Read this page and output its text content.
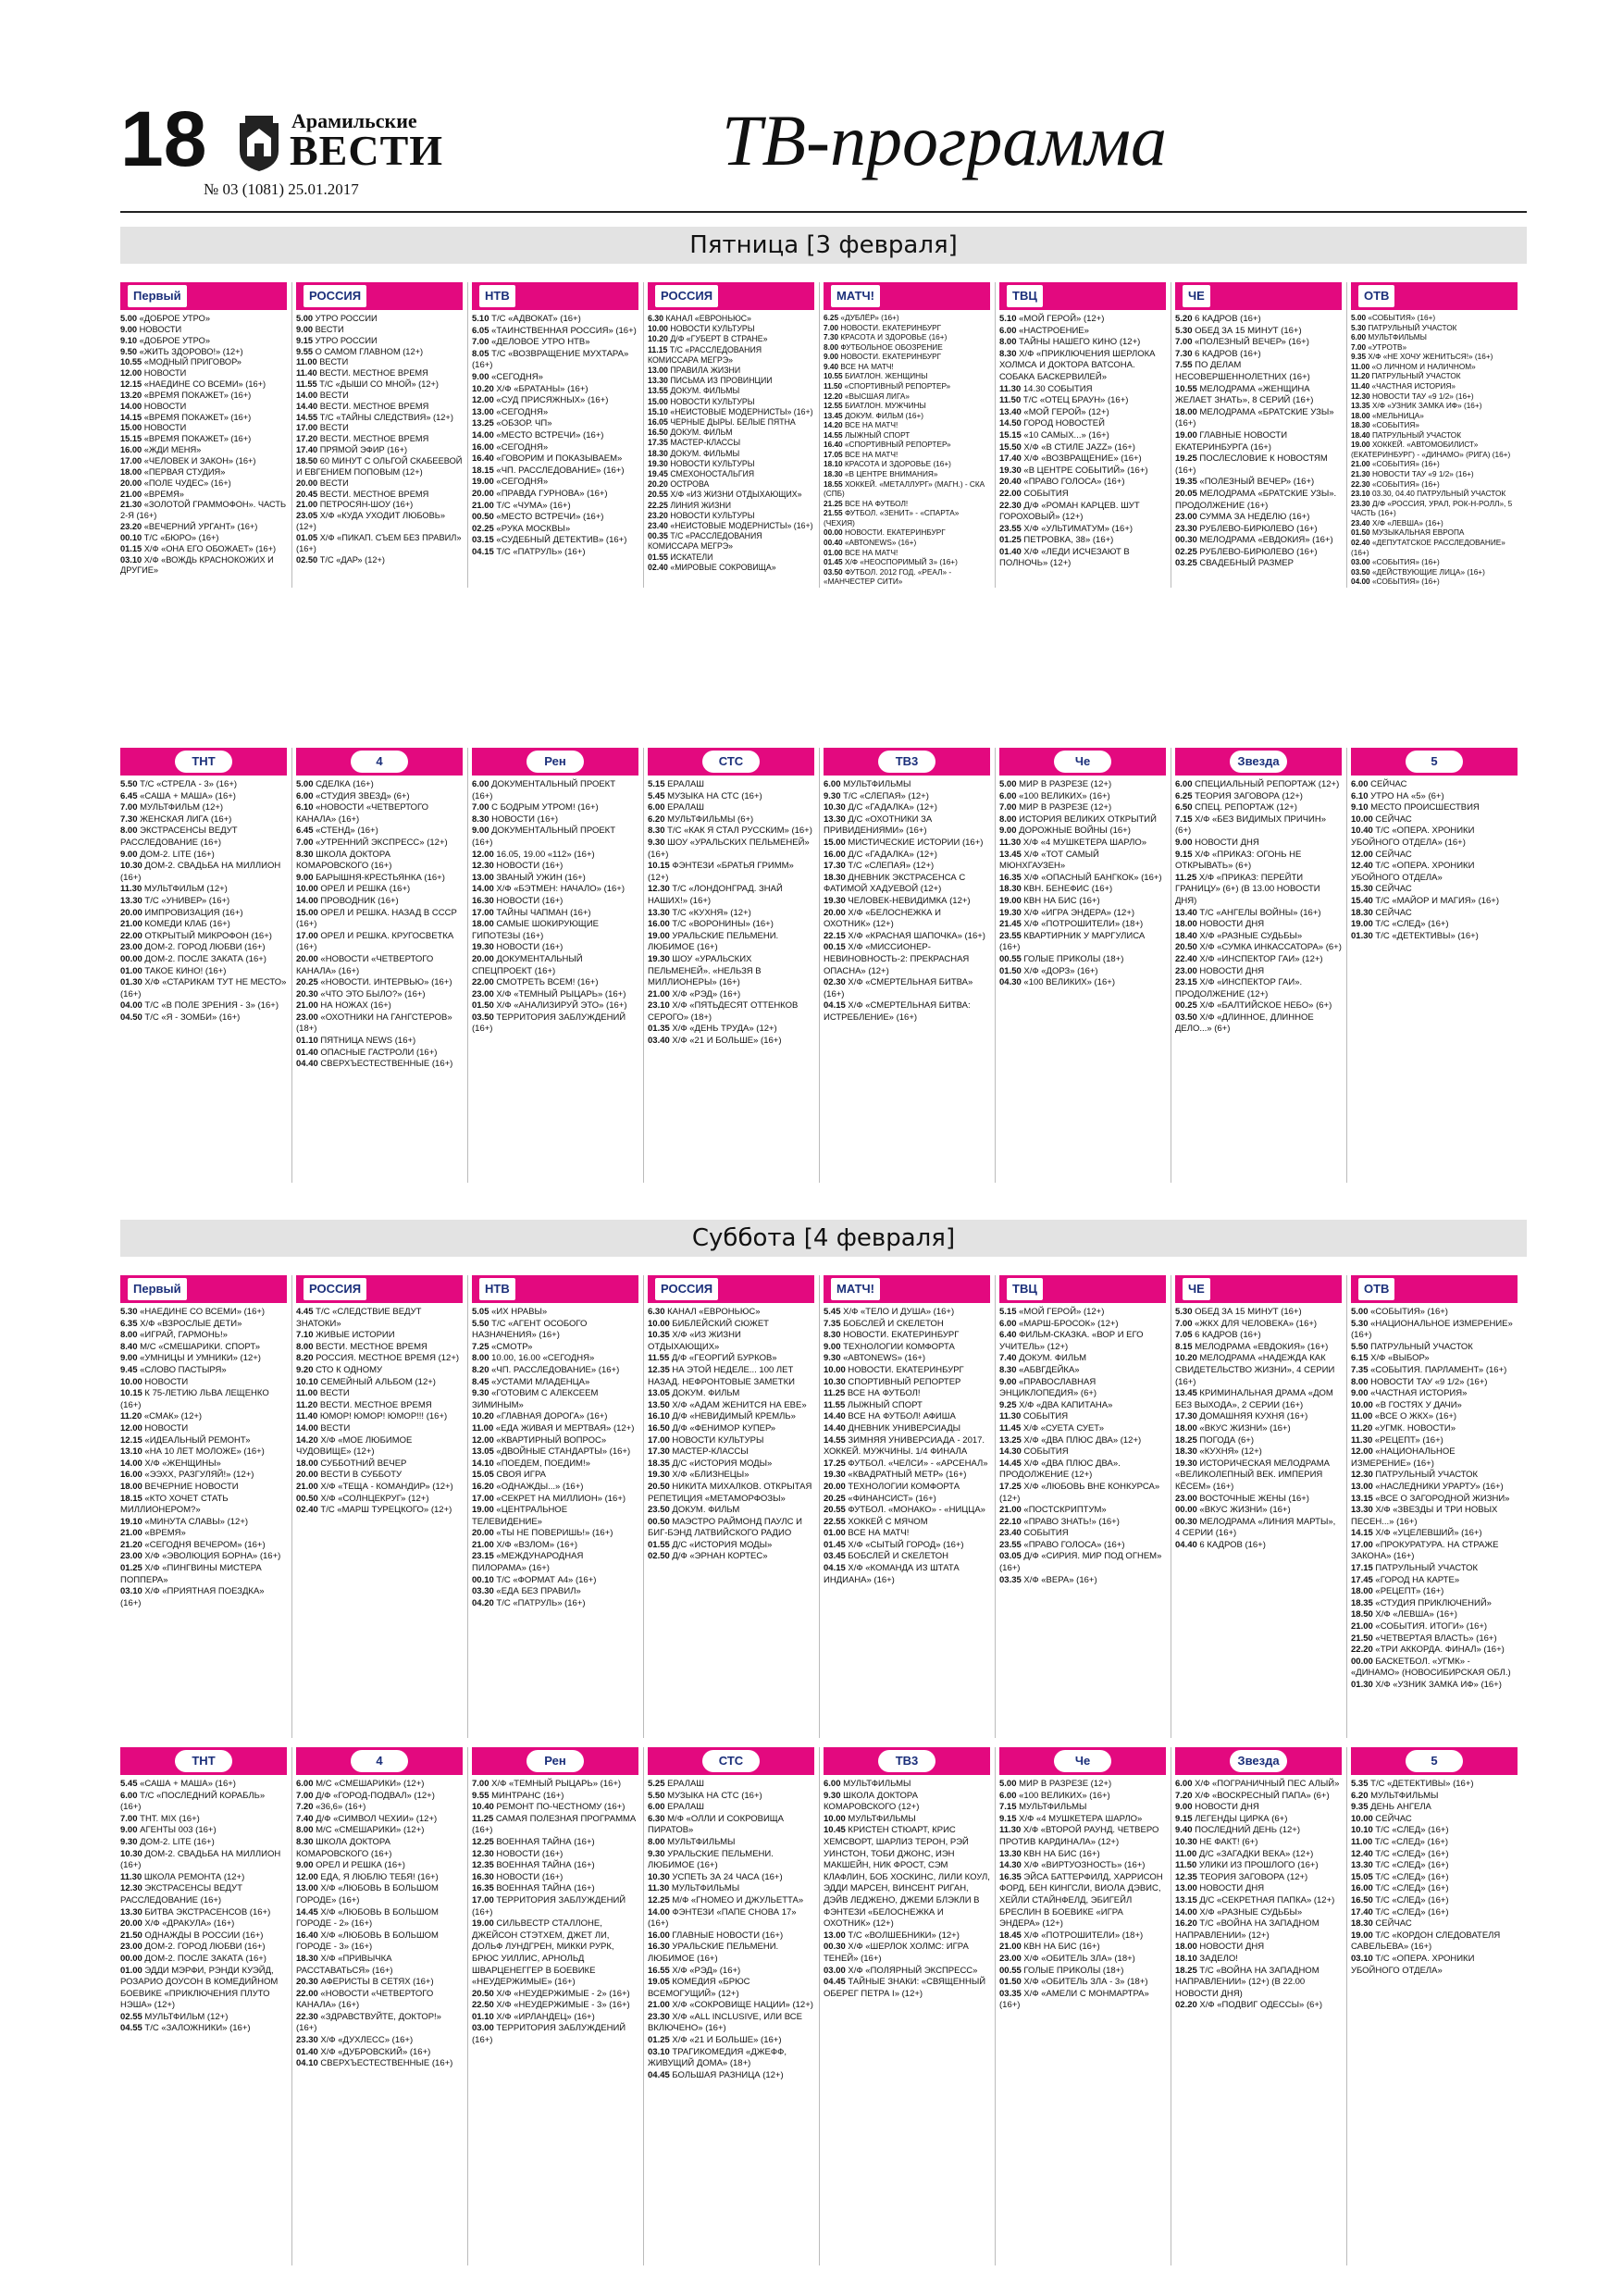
18	Арамильские
ВЕСТИ
№ 03 (1081) 25.01.2017
ТВ-программа
Пятница [3 февраля]
Первый
5.00 «ДОБРОЕ УТРО»
9.00 НОВОСТИ
9.10 «ДОБРОЕ УТРО»
9.50 «ЖИТЬ ЗДОРОВО!» (12+)
10.55 «МОДНЫЙ ПРИГОВОР»
12.00 НОВОСТИ
12.15 «НАЕДИНЕ СО ВСЕМИ» (16+)
13.20 «ВРЕМЯ ПОКАЖЕТ» (16+)
14.00 НОВОСТИ
14.15 «ВРЕМЯ ПОКАЖЕТ» (16+)
15.00 НОВОСТИ
15.15 «ВРЕМЯ ПОКАЖЕТ» (16+)
16.00 «ЖДИ МЕНЯ»
17.00 «ЧЕЛОВЕК И ЗАКОН» (16+)
18.00 «ПЕРВАЯ СТУДИЯ»
20.00 «ПОЛЕ ЧУДЕС» (16+)
21.00 «ВРЕМЯ»
21.30 «ЗОЛОТОЙ ГРАММОФОН». ЧАСТЬ 2-Я (16+)
23.20 «ВЕЧЕРНИЙ УРГАНТ» (16+)
00.10 Т/С «БЮРО» (16+)
01.15 Х/Ф «ОНА ЕГО ОБОЖАЕТ» (16+)
03.10 Х/Ф «ВОЖДЬ КРАСНОКОЖИХ И ДРУГИЕ»
РОССИЯ
5.00 УТРО РОССИИ
9.00 ВЕСТИ
9.15 УТРО РОССИИ
9.55 О САМОМ ГЛАВНОМ (12+)
11.00 ВЕСТИ
11.40 ВЕСТИ. МЕСТНОЕ ВРЕМЯ
11.55 Т/С «ДЫШИ СО МНОЙ» (12+)
14.00 ВЕСТИ
14.40 ВЕСТИ. МЕСТНОЕ ВРЕМЯ
14.55 Т/С «ТАЙНЫ СЛЕДСТВИЯ» (12+)
17.00 ВЕСТИ
17.20 ВЕСТИ. МЕСТНОЕ ВРЕМЯ
17.40 ПРЯМОЙ ЭФИР (16+)
18.50 60 МИНУТ С ОЛЬГОЙ СКАБЕЕВОЙ И ЕВГЕНИЕМ ПОПОВЫМ (12+)
20.00 ВЕСТИ
20.45 ВЕСТИ. МЕСТНОЕ ВРЕМЯ
21.00 ПЕТРОСЯН-ШОУ (16+)
23.05 Х/Ф «КУДА УХОДИТ ЛЮБОВЬ» (12+)
01.05 Х/Ф «ПИКАП. СЪЕМ БЕЗ ПРАВИЛ» (16+)
02.50 Т/С «ДАР» (12+)
НТВ
5.10 Т/С «АДВОКАТ» (16+)
6.05 «ТАИНСТВЕННАЯ РОССИЯ» (16+)
7.00 «ДЕЛОВОЕ УТРО НТВ»
8.05 Т/С «ВОЗВРАЩЕНИЕ МУХТАРА» (16+)
9.00 «СЕГОДНЯ»
10.20 Х/Ф «БРАТАНЫ» (16+)
12.00 «СУД ПРИСЯЖНЫХ» (16+)
13.00 «СЕГОДНЯ»
13.25 «ОБЗОР. ЧП»
14.00 «МЕСТО ВСТРЕЧИ» (16+)
16.00 «СЕГОДНЯ»
16.40 «ГОВОРИМ И ПОКАЗЫВАЕМ»
18.15 «ЧП. РАССЛЕДОВАНИЕ» (16+)
19.00 «СЕГОДНЯ»
20.00 «ПРАВДА ГУРНОВА» (16+)
21.00 Т/С «ЧУМА» (16+)
00.50 «МЕСТО ВСТРЕЧИ» (16+)
02.25 «РУКА МОСКВЫ»
03.15 «СУДЕБНЫЙ ДЕТЕКТИВ» (16+)
04.15 Т/С «ПАТРУЛЬ» (16+)
РОССИЯ
6.30 КАНАЛ «ЕВРОНЬЮС»
10.00 НОВОСТИ КУЛЬТУРЫ
10.20 Д/Ф «ГУБЕРТ В СТРАНЕ»
11.15 Т/С «РАССЛЕДОВАНИЯ КОМИССАРА МЕГРЭ»
13.00 ПРАВИЛА ЖИЗНИ
13.30 ПИСЬМА ИЗ ПРОВИНЦИИ
13.55 ДОКУМ. ФИЛЬМЫ
15.00 НОВОСТИ КУЛЬТУРЫ
15.10 «НЕИСТОВЫЕ МОДЕРНИСТЫ» (16+)
16.05 ЧЕРНЫЕ ДЫРЫ. БЕЛЫЕ ПЯТНА
16.50 ДОКУМ. ФИЛЬМ
17.35 МАСТЕР-КЛАССЫ
18.30 ДОКУМ. ФИЛЬМЫ
19.30 НОВОСТИ КУЛЬТУРЫ
19.45 СМЕХОНОСТАЛЬГИЯ
20.20 ОСТРОВА
20.55 Х/Ф «ИЗ ЖИЗНИ ОТДЫХАЮЩИХ»
22.25 ЛИНИЯ ЖИЗНИ
23.20 НОВОСТИ КУЛЬТУРЫ
23.40 «НЕИСТОВЫЕ МОДЕРНИСТЫ» (16+)
00.35 Т/С «РАССЛЕДОВАНИЯ КОМИССАРА МЕГРЭ»
01.55 ИСКАТЕЛИ
02.40 «МИРОВЫЕ СОКРОВИЩА»
МАТЧ!
6.25 «ДУБЛЁР» (16+)
7.00 НОВОСТИ. ЕКАТЕРИНБУРГ
7.30 КРАСОТА И ЗДОРОВЬЕ (16+)
8.00 ФУТБОЛЬНОЕ ОБОЗРЕНИЕ
9.00 НОВОСТИ. ЕКАТЕРИНБУРГ
9.40 ВСЕ НА МАТЧ!
10.55 БИАТЛОН. ЖЕНЩИНЫ
11.50 «СПОРТИВНЫЙ РЕПОРТЕР»
12.20 «ВЫСШАЯ ЛИГА»
12.55 БИАТЛОН. МУЖЧИНЫ
13.45 ДОКУМ. ФИЛЬМ (16+)
14.20 ВСЕ НА МАТЧ!
14.55 ЛЫЖНЫЙ СПОРТ
16.40 «СПОРТИВНЫЙ РЕПОРТЕР»
17.05 ВСЕ НА МАТЧ!
18.10 КРАСОТА И ЗДОРОВЬЕ (16+)
18.30 «В ЦЕНТРЕ ВНИМАНИЯ»
18.55 ХОККЕЙ. «МЕТАЛЛУРГ» (МАГН.) - СКА (СПБ)
21.25 ВСЕ НА ФУТБОЛ!
21.55 ФУТБОЛ. «ЗЕНИТ» - «СПАРТА» (ЧЕХИЯ)
00.00 НОВОСТИ. ЕКАТЕРИНБУРГ
00.40 «АВТОNEWS» (16+)
01.00 ВСЕ НА МАТЧ!
01.45 Х/Ф «НЕОСПОРИМЫЙ 3» (16+)
03.50 ФУТБОЛ. 2012 ГОД. «РЕАЛ» - «МАНЧЕСТЕР СИТИ»
ТВЦ
5.10 «МОЙ ГЕРОЙ» (12+)
6.00 «НАСТРОЕНИЕ»
8.00 ТАЙНЫ НАШЕГО КИНО (12+)
8.30 Х/Ф «ПРИКЛЮЧЕНИЯ ШЕРЛОКА ХОЛМСА И ДОКТОРА ВАТСОНА. СОБАКА БАСКЕРВИЛЕЙ»
11.30 14.30 СОБЫТИЯ
11.50 Т/С «ОТЕЦ БРАУН» (16+)
13.40 «МОЙ ГЕРОЙ» (12+)
14.50 ГОРОД НОВОСТЕЙ
15.15 «10 САМЫХ...» (16+)
15.50 Х/Ф «В СТИЛЕ JAZZ» (16+)
17.40 Х/Ф «ВОЗВРАЩЕНИЕ» (16+)
19.30 «В ЦЕНТРЕ СОБЫТИЙ» (16+)
20.40 «ПРАВО ГОЛОСА» (16+)
22.00 СОБЫТИЯ
22.30 Д/Ф «РОМАН КАРЦЕВ. ШУТ ГОРОХОВЫЙ» (12+)
23.55 Х/Ф «УЛЬТИМАТУМ» (16+)
01.25 ПЕТРОВКА, 38» (16+)
01.40 Х/Ф «ЛЕДИ ИСЧЕЗАЮТ В ПОЛНОЧЬ» (12+)
ЧЕ
5.20 6 КАДРОВ (16+)
5.30 ОБЕД ЗА 15 МИНУТ (16+)
7.00 «ПОЛЕЗНЫЙ ВЕЧЕР» (16+)
7.30 6 КАДРОВ (16+)
7.55 ПО ДЕЛАМ НЕСОВЕРШЕННОЛЕТНИХ (16+)
10.55 МЕЛОДРАМА «ЖЕНЩИНА ЖЕЛАЕТ ЗНАТЬ», 8 СЕРИЙ (16+)
18.00 МЕЛОДРАМА «БРАТСКИЕ УЗЫ» (16+)
19.00 ГЛАВНЫЕ НОВОСТИ ЕКАТЕРИНБУРГА (16+)
19.25 ПОСЛЕСЛОВИЕ К НОВОСТЯМ (16+)
19.35 «ПОЛЕЗНЫЙ ВЕЧЕР» (16+)
20.05 МЕЛОДРАМА «БРАТСКИЕ УЗЫ». ПРОДОЛЖЕНИЕ (16+)
23.00 СУММА ЗА НЕДЕЛЮ (16+)
23.30 РУБЛЕВО-БИРЮЛЕВО (16+)
00.30 МЕЛОДРАМА «ЕВДОКИЯ» (16+)
02.25 РУБЛЕВО-БИРЮЛЕВО (16+)
03.25 СВАДЕБНЫЙ РАЗМЕР
ОТВ
5.00 «СОБЫТИЯ» (16+)
5.30 ПАТРУЛЬНЫЙ УЧАСТОК
6.00 МУЛЬТФИЛЬМЫ
7.00 «УТРОТВ»
9.35 Х/Ф «НЕ ХОЧУ ЖЕНИТЬСЯ!» (16+)
11.00 «О ЛИЧНОМ И НАЛИЧНОМ»
11.20 ПАТРУЛЬНЫЙ УЧАСТОК
11.40 «ЧАСТНАЯ ИСТОРИЯ»
12.30 НОВОСТИ ТАУ «9 1/2» (16+)
13.35 Х/Ф «УЗНИК ЗАМКА ИФ» (16+)
18.00 «МЕЛЬНИЦА»
18.30 «СОБЫТИЯ»
18.40 ПАТРУЛЬНЫЙ УЧАСТОК
19.00 ХОККЕЙ. «АВТОМОБИЛИСТ» (ЕКАТЕРИНБУРГ) - «ДИНАМО» (РИГА) (16+)
21.00 «СОБЫТИЯ» (16+)
21.30 НОВОСТИ ТАУ «9 1/2» (16+)
22.30 «СОБЫТИЯ» (16+)
23.10 03.30, 04.40 ПАТРУЛЬНЫЙ УЧАСТОК
23.30 Д/Ф «РОССИЯ, УРАЛ, РОК-Н-РОЛЛ», 5 ЧАСТЬ (16+)
23.40 Х/Ф «ЛЕВША» (16+)
01.50 МУЗЫКАЛЬНАЯ ЕВРОПА
02.40 «ДЕПУТАТСКОЕ РАССЛЕДОВАНИЕ» (16+)
03.00 «СОБЫТИЯ» (16+)
03.50 «ДЕЙСТВУЮЩИЕ ЛИЦА» (16+)
04.00 «СОБЫТИЯ» (16+)
ТНТ
5.50 Т/С «СТРЕЛА - 3» (16+)
6.45 «САША + МАША» (16+)
7.00 МУЛЬТФИЛЬМ (12+)
7.30 ЖЕНСКАЯ ЛИГА (16+)
8.00 ЭКСТРАСЕНСЫ ВЕДУТ РАССЛЕДОВАНИЕ (16+)
9.00 ДОМ-2. LITE (16+)
10.30 ДОМ-2. СВАДЬБА НА МИЛЛИОН (16+)
11.30 МУЛЬТФИЛЬМ (12+)
13.30 Т/С «УНИВЕР» (16+)
20.00 ИМПРОВИЗАЦИЯ (16+)
21.00 КОМЕДИ КЛАБ (16+)
22.00 ОТКРЫТЫЙ МИКРОФОН (16+)
23.00 ДОМ-2. ГОРОД ЛЮБВИ (16+)
00.00 ДОМ-2. ПОСЛЕ ЗАКАТА (16+)
01.00 ТАКОЕ КИНО! (16+)
01.30 Х/Ф «СТАРИКАМ ТУТ НЕ МЕСТО» (16+)
04.00 Т/С «В ПОЛЕ ЗРЕНИЯ - 3» (16+)
04.50 Т/С «Я - ЗОМБИ» (16+)
4
5.00 СДЕЛКА (16+)
6.00 «СТУДИЯ ЗВЕЗД» (6+)
6.10 «НОВОСТИ «ЧЕТВЕРТОГО КАНАЛА» (16+)
6.45 «СТЕНД» (16+)
7.00 «УТРЕННИЙ ЭКСПРЕСС» (12+)
8.30 ШКОЛА ДОКТОРА КОМАРОВСКОГО (16+)
9.00 БАРЫШНЯ-КРЕСТЬЯНКА (16+)
10.00 ОРЕЛ И РЕШКА (16+)
14.00 ПРОВОДНИК (16+)
15.00 ОРЕЛ И РЕШКА. НАЗАД В СССР (16+)
17.00 ОРЕЛ И РЕШКА. КРУГОСВЕТКА (16+)
20.00 «НОВОСТИ «ЧЕТВЕРТОГО КАНАЛА» (16+)
20.25 «НОВОСТИ. ИНТЕРВЬЮ» (16+)
20.30 «ЧТО ЭТО БЫЛО?» (16+)
21.00 НА НОЖАХ (16+)
23.00 «ОХОТНИКИ НА ГАНГСТЕРОВ» (18+)
01.10 ПЯТНИЦА NEWS (16+)
01.40 ОПАСНЫЕ ГАСТРОЛИ (16+)
04.40 СВЕРХЪЕСТЕСТВЕННЫЕ (16+)
Рен
6.00 ДОКУМЕНТАЛЬНЫЙ ПРОЕКТ (16+)
7.00 С БОДРЫМ УТРОМ! (16+)
8.30 НОВОСТИ (16+)
9.00 ДОКУМЕНТАЛЬНЫЙ ПРОЕКТ (16+)
12.00 16.05, 19.00 «112» (16+)
12.30 НОВОСТИ (16+)
13.00 ЗВАНЫЙ УЖИН (16+)
14.00 Х/Ф «БЭТМЕН: НАЧАЛО» (16+)
16.30 НОВОСТИ (16+)
17.00 ТАЙНЫ ЧАПМАН (16+)
18.00 САМЫЕ ШОКИРУЮЩИЕ ГИПОТЕЗЫ (16+)
19.30 НОВОСТИ (16+)
20.00 ДОКУМЕНТАЛЬНЫЙ СПЕЦПРОЕКТ (16+)
22.00 СМОТРЕТЬ ВСЕМ! (16+)
23.00 Х/Ф «ТЕМНЫЙ РЫЦАРЬ» (16+)
01.50 Х/Ф «АНАЛИЗИРУЙ ЭТО» (16+)
03.50 ТЕРРИТОРИЯ ЗАБЛУЖДЕНИЙ (16+)
СТС
5.15 ЕРАЛАШ
5.45 МУЗЫКА НА СТС (16+)
6.00 ЕРАЛАШ
6.20 МУЛЬТФИЛЬМЫ (6+)
8.30 Т/С «КАК Я СТАЛ РУССКИМ» (16+)
9.30 ШОУ «УРАЛЬСКИХ ПЕЛЬМЕНЕЙ» (16+)
10.15 ФЭНТЕЗИ «БРАТЬЯ ГРИММ» (12+)
12.30 Т/С «ЛОНДОНГРАД. ЗНАЙ НАШИХ!» (16+)
13.30 Т/С «КУХНЯ» (12+)
16.00 Т/С «ВОРОНИНЫ» (16+)
19.00 УРАЛЬСКИЕ ПЕЛЬМЕНИ. ЛЮБИМОЕ (16+)
19.30 ШОУ «УРАЛЬСКИХ ПЕЛЬМЕНЕЙ». «НЕЛЬЗЯ В МИЛЛИОНЕРЫ» (16+)
21.00 Х/Ф «РЭД» (16+)
23.10 Х/Ф «ПЯТЬДЕСЯТ ОТТЕНКОВ СЕРОГО» (18+)
01.35 Х/Ф «ДЕНЬ ТРУДА» (12+)
03.40 Х/Ф «21 И БОЛЬШЕ» (16+)
ТВ3
6.00 МУЛЬТФИЛЬМЫ
9.30 Т/С «СЛЕПАЯ» (12+)
10.30 Д/С «ГАДАЛКА» (12+)
13.30 Д/С «ОХОТНИКИ ЗА ПРИВИДЕНИЯМИ» (16+)
15.00 МИСТИЧЕСКИЕ ИСТОРИИ (16+)
16.00 Д/С «ГАДАЛКА» (12+)
17.30 Т/С «СЛЕПАЯ» (12+)
18.30 ДНЕВНИК ЭКСТРАСЕНСА С ФАТИМОЙ ХАДУЕВОЙ (12+)
19.30 ЧЕЛОВЕК-НЕВИДИМКА (12+)
20.00 Х/Ф «БЕЛОСНЕЖКА И ОХОТНИК» (12+)
22.15 Х/Ф «КРАСНАЯ ШАПОЧКА» (16+)
00.15 Х/Ф «МИССИОНЕР-НЕВИНОВНОСТЬ-2: ПРЕКРАСНАЯ ОПАСНА» (12+)
02.30 Х/Ф «СМЕРТЕЛЬНАЯ БИТВА» (16+)
04.15 Х/Ф «СМЕРТЕЛЬНАЯ БИТВА: ИСТРЕБЛЕНИЕ» (16+)
Че
5.00 МИР В РАЗРЕЗЕ (12+)
6.00 «100 ВЕЛИКИХ» (16+)
7.00 МИР В РАЗРЕЗЕ (12+)
8.00 ИСТОРИЯ ВЕЛИКИХ ОТКРЫТИЙ
9.00 ДОРОЖНЫЕ ВОЙНЫ (16+)
11.30 Х/Ф «4 МУШКЕТЕРА ШАРЛО»
13.45 Х/Ф «ТОТ САМЫЙ МЮНХГАУЗЕН»
16.35 Х/Ф «ОПАСНЫЙ БАНГКОК» (16+)
18.30 КВН. БЕНЕФИС (16+)
19.00 КВН НА БИС (16+)
19.30 Х/Ф «ИГРА ЭНДЕРА» (12+)
21.45 Х/Ф «ПОТРОШИТЕЛИ» (18+)
23.55 КВАРТИРНИК У МАРГУЛИСА (16+)
00.55 ГОЛЫЕ ПРИКОЛЫ (18+)
01.50 Х/Ф «ДОРЗ» (16+)
04.30 «100 ВЕЛИКИХ» (16+)
Звезда
6.00 СПЕЦИАЛЬНЫЙ РЕПОРТАЖ (12+)
6.25 ТЕОРИЯ ЗАГОВОРА (12+)
6.50 СПЕЦ. РЕПОРТАЖ (12+)
7.15 Х/Ф «БЕЗ ВИДИМЫХ ПРИЧИН» (6+)
9.00 НОВОСТИ ДНЯ
9.15 Х/Ф «ПРИКАЗ: ОГОНЬ НЕ ОТКРЫВАТЬ» (6+)
11.25 Х/Ф «ПРИКАЗ: ПЕРЕЙТИ ГРАНИЦУ» (6+) (В 13.00 НОВОСТИ ДНЯ)
13.40 Т/С «АНГЕЛЫ ВОЙНЫ» (16+)
18.00 НОВОСТИ ДНЯ
18.40 Х/Ф «РАЗНЫЕ СУДЬБЫ»
20.50 Х/Ф «СУМКА ИНКАССАТОРА» (6+)
22.40 Х/Ф «ИНСПЕКТОР ГАИ» (12+)
23.00 НОВОСТИ ДНЯ
23.15 Х/Ф «ИНСПЕКТОР ГАИ». ПРОДОЛЖЕНИЕ (12+)
00.25 Х/Ф «БАЛТИЙСКОЕ НЕБО» (6+)
03.50 Х/Ф «ДЛИННОЕ, ДЛИННОЕ ДЕЛО...» (6+)
5
6.00 СЕЙЧАС
6.10 УТРО НА «5» (6+)
9.10 МЕСТО ПРОИСШЕСТВИЯ
10.00 СЕЙЧАС
10.40 Т/С «ОПЕРА. ХРОНИКИ УБОЙНОГО ОТДЕЛА» (16+)
12.00 СЕЙЧАС
12.40 Т/С «ОПЕРА. ХРОНИКИ УБОЙНОГО ОТДЕЛА»
15.30 СЕЙЧАС
15.40 Т/С «МАЙОР И МАГИЯ» (16+)
18.30 СЕЙЧАС
19.00 Т/С «СЛЕД» (16+)
01.30 Т/С «ДЕТЕКТИВЫ» (16+)
Суббота [4 февраля]
Первый
5.30 «НАЕДИНЕ СО ВСЕМИ» (16+)
6.35 Х/Ф «ВЗРОСЛЫЕ ДЕТИ»
8.00 «ИГРАЙ, ГАРМОНЬ!»
8.40 М/С «СМЕШАРИКИ. СПОРТ»
9.00 «УМНИЦЫ И УМНИКИ» (12+)
9.45 «СЛОВО ПАСТЫРЯ»
10.00 НОВОСТИ
10.15 К 75-ЛЕТИЮ ЛЬВА ЛЕЩЕНКО (16+)
11.20 «СМАК» (12+)
12.00 НОВОСТИ
12.15 «ИДЕАЛЬНЫЙ РЕМОНТ»
13.10 «НА 10 ЛЕТ МОЛОЖЕ» (16+)
14.00 Х/Ф «ЖЕНЩИНЫ»
16.00 «ЭЭХХ, РАЗГУЛЯЙ!» (12+)
18.00 ВЕЧЕРНИЕ НОВОСТИ
18.15 «КТО ХОЧЕТ СТАТЬ МИЛЛИОНЕРОМ?»
19.10 «МИНУТА СЛАВЫ» (12+)
21.00 «ВРЕМЯ»
21.20 «СЕГОДНЯ ВЕЧЕРОМ» (16+)
23.00 Х/Ф «ЭВОЛЮЦИЯ БОРНА» (16+)
01.25 Х/Ф «ПИНГВИНЫ МИСТЕРА ПОППЕРА»
03.10 Х/Ф «ПРИЯТНАЯ ПОЕЗДКА» (16+)
РОССИЯ
4.45 Т/С «СЛЕДСТВИЕ ВЕДУТ ЗНАТОКИ»
7.10 ЖИВЫЕ ИСТОРИИ
8.00 ВЕСТИ. МЕСТНОЕ ВРЕМЯ
8.20 РОССИЯ. МЕСТНОЕ ВРЕМЯ (12+)
9.20 СТО К ОДНОМУ
10.10 СЕМЕЙНЫЙ АЛЬБОМ (12+)
11.00 ВЕСТИ
11.20 ВЕСТИ. МЕСТНОЕ ВРЕМЯ
11.40 ЮМОР! ЮМОР! ЮМОР!!! (16+)
14.00 ВЕСТИ
14.20 Х/Ф «МОЕ ЛЮБИМОЕ ЧУДОВИЩЕ» (12+)
18.00 СУББОТНИЙ ВЕЧЕР
20.00 ВЕСТИ В СУББОТУ
21.00 Х/Ф «ТЕЩА - КОМАНДИР» (12+)
00.50 Х/Ф «СОЛНЦЕКРУГ» (12+)
02.40 Т/С «МАРШ ТУРЕЦКОГО» (12+)
НТВ
5.05 «ИХ НРАВЫ»
5.50 Т/С «АГЕНТ ОСОБОГО НАЗНАЧЕНИЯ» (16+)
7.25 «СМОТР»
8.00 10.00, 16.00 «СЕГОДНЯ»
8.20 «ЧП. РАССЛЕДОВАНИЕ» (16+)
8.45 «УСТАМИ МЛАДЕНЦА»
9.30 «ГОТОВИМ С АЛЕКСЕЕМ ЗИМИНЫМ»
10.20 «ГЛАВНАЯ ДОРОГА» (16+)
11.00 «ЕДА ЖИВАЯ И МЕРТВАЯ» (12+)
12.00 «КВАРТИРНЫЙ ВОПРОС»
13.05 «ДВОЙНЫЕ СТАНДАРТЫ» (16+)
14.10 «ПОЕДЕМ, ПОЕДИМ!»
15.05 СВОЯ ИГРА
16.20 «ОДНАЖДЫ...» (16+)
17.00 «СЕКРЕТ НА МИЛЛИОН» (16+)
19.00 «ЦЕНТРАЛЬНОЕ ТЕЛЕВИДЕНИЕ»
20.00 «ТЫ НЕ ПОВЕРИШЬ!» (16+)
21.00 Х/Ф «ВЗЛОМ» (16+)
23.15 «МЕЖДУНАРОДНАЯ ПИЛОРАМА» (16+)
00.10 Т/С «ФОРМАТ А4» (16+)
03.30 «ЕДА БЕЗ ПРАВИЛ»
04.20 Т/С «ПАТРУЛЬ» (16+)
РОССИЯ
6.30 КАНАЛ «ЕВРОНЬЮС»
10.00 БИБЛЕЙСКИЙ СЮЖЕТ
10.35 Х/Ф «ИЗ ЖИЗНИ ОТДЫХАЮЩИХ»
11.55 Д/Ф «ГЕОРГИЙ БУРКОВ»
12.35 НА ЭТОЙ НЕДЕЛЕ... 100 ЛЕТ НАЗАД. НЕФРОНТОВЫЕ ЗАМЕТКИ
13.05 ДОКУМ. ФИЛЬМ
13.50 Х/Ф «АДАМ ЖЕНИТСЯ НА ЕВЕ»
16.10 Д/Ф «НЕВИДИМЫЙ КРЕМЛЬ»
16.50 Д/Ф «ФЕНИМОР КУПЕР»
17.00 НОВОСТИ КУЛЬТУРЫ
17.30 МАСТЕР-КЛАССЫ
18.35 Д/С «ИСТОРИЯ МОДЫ»
19.30 Х/Ф «БЛИЗНЕЦЫ»
20.50 НИКИТА МИХАЛКОВ. ОТКРЫТАЯ РЕПЕТИЦИЯ «МЕТАМОРФОЗЫ»
23.50 ДОКУМ. ФИЛЬМ
00.50 МАЭСТРО РАЙМОНД ПАУЛС И БИГ-БЭНД ЛАТВИЙСКОГО РАДИО
01.55 Д/С «ИСТОРИЯ МОДЫ»
02.50 Д/Ф «ЭРНАН КОРТЕС»
МАТЧ!
5.45 Х/Ф «ТЕЛО И ДУША» (16+)
7.35 БОБСЛЕЙ И СКЕЛЕТОН
8.30 НОВОСТИ. ЕКАТЕРИНБУРГ
9.00 ТЕХНОЛОГИИ КОМФОРТА
9.30 «АВТОNEWS» (16+)
10.00 НОВОСТИ. ЕКАТЕРИНБУРГ
10.30 СПОРТИВНЫЙ РЕПОРТЕР
11.25 ВСЕ НА ФУТБОЛ!
11.55 ЛЫЖНЫЙ СПОРТ
14.40 ВСЕ НА ФУТБОЛ! АФИША
14.40 ДНЕВНИК УНИВЕРСИАДЫ
14.55 ЗИМНЯЯ УНИВЕРСИАДА - 2017. ХОККЕЙ. МУЖЧИНЫ. 1/4 ФИНАЛА
17.25 ФУТБОЛ. «ЧЕЛСИ» - «АРСЕНАЛ»
19.30 «КВАДРАТНЫЙ МЕТР» (16+)
20.00 ТЕХНОЛОГИИ КОМФОРТА
20.25 «ФИНАНСИСТ» (16+)
20.55 ФУТБОЛ. «МОНАКО» - «НИЦЦА»
22.55 ХОККЕЙ С МЯЧОМ
01.00 ВСЕ НА МАТЧ!
01.45 Х/Ф «СЫТЫЙ ГОРОД» (16+)
03.45 БОБСЛЕЙ И СКЕЛЕТОН
04.15 Х/Ф «КОМАНДА ИЗ ШТАТА ИНДИАНА» (16+)
ТВЦ
5.15 «МОЙ ГЕРОЙ» (12+)
6.00 «МАРШ-БРОСОК» (12+)
6.40 ФИЛЬМ-СКАЗКА. «ВОР И ЕГО УЧИТЕЛЬ» (12+)
7.40 ДОКУМ. ФИЛЬМ
8.30 «АБВГДЕЙКА»
9.00 «ПРАВОСЛАВНАЯ ЭНЦИКЛОПЕДИЯ» (6+)
9.25 Х/Ф «ДВА КАПИТАНА»
11.30 СОБЫТИЯ
11.45 Х/Ф «СУЕТА СУЕТ»
13.25 Х/Ф «ДВА ПЛЮС ДВА» (12+)
14.30 СОБЫТИЯ
14.45 Х/Ф «ДВА ПЛЮС ДВА». ПРОДОЛЖЕНИЕ (12+)
17.25 Х/Ф «ЛЮБОВЬ ВНЕ КОНКУРСА» (12+)
21.00 «ПОСТСКРИПТУМ»
22.10 «ПРАВО ЗНАТЬ!» (16+)
23.40 СОБЫТИЯ
23.55 «ПРАВО ГОЛОСА» (16+)
03.05 Д/Ф «СИРИЯ. МИР ПОД ОГНЕМ» (16+)
03.35 Х/Ф «ВЕРА» (16+)
ЧЕ
5.30 ОБЕД ЗА 15 МИНУТ (16+)
7.00 «ЖКХ ДЛЯ ЧЕЛОВЕКА» (16+)
7.05 6 КАДРОВ (16+)
8.15 МЕЛОДРАМА «ЕВДОКИЯ» (16+)
10.20 МЕЛОДРАМА «НАДЕЖДА КАК СВИДЕТЕЛЬСТВО ЖИЗНИ», 4 СЕРИИ (16+)
13.45 КРИМИНАЛЬНАЯ ДРАМА «ДОМ БЕЗ ВЫХОДА», 2 СЕРИИ (16+)
17.30 ДОМАШНЯЯ КУХНЯ (16+)
18.00 «ВКУС ЖИЗНИ» (16+)
18.25 ПОГОДА (6+)
18.30 «КУХНЯ» (12+)
19.30 ИСТОРИЧЕСКАЯ МЕЛОДРАМА «ВЕЛИКОЛЕПНЫЙ ВЕК. ИМПЕРИЯ КЁСЕМ» (16+)
23.00 ВОСТОЧНЫЕ ЖЕНЫ (16+)
00.00 «ВКУС ЖИЗНИ» (16+)
00.30 МЕЛОДРАМА «ЛИНИЯ МАРТЫ», 4 СЕРИИ (16+)
04.40 6 КАДРОВ (16+)
ОТВ
5.00 «СОБЫТИЯ» (16+)
5.30 «НАЦИОНАЛЬНОЕ ИЗМЕРЕНИЕ» (16+)
5.50 ПАТРУЛЬНЫЙ УЧАСТОК
6.15 Х/Ф «ВЫБОР»
7.35 «СОБЫТИЯ. ПАРЛАМЕНТ» (16+)
8.00 НОВОСТИ ТАУ «9 1/2» (16+)
9.00 «ЧАСТНАЯ ИСТОРИЯ»
10.00 «В ГОСТЯХ У ДАЧИ»
11.00 «ВСЕ О ЖКХ» (16+)
11.20 «УГМК. НОВОСТИ»
11.30 «РЕЦЕПТ» (16+)
12.00 «НАЦИОНАЛЬНОЕ ИЗМЕРЕНИЕ» (16+)
12.30 ПАТРУЛЬНЫЙ УЧАСТОК
13.00 «НАСЛЕДНИКИ УРАРТУ» (16+)
13.15 «ВСЕ О ЗАГОРОДНОЙ ЖИЗНИ»
13.30 Х/Ф «ЗВЕЗДЫ И ТРИ НОВЫХ ПЕСЕН...» (16+)
14.15 Х/Ф «УЦЕЛЕВШИЙ» (16+)
17.00 «ПРОКУРАТУРА. НА СТРАЖЕ ЗАКОНА» (16+)
17.15 ПАТРУЛЬНЫЙ УЧАСТОК
17.45 «ГОРОД НА КАРТЕ»
18.00 «РЕЦЕПТ» (16+)
18.35 «СТУДИЯ ПРИКЛЮЧЕНИЙ»
18.50 Х/Ф «ЛЕВША» (16+)
21.00 «СОБЫТИЯ. ИТОГИ» (16+)
21.50 «ЧЕТВЕРТАЯ ВЛАСТЬ» (16+)
22.20 «ТРИ АККОРДА. ФИНАЛ» (16+)
00.00 БАСКЕТБОЛ. «УГМК» - «ДИНАМО» (НОВОСИБИРСКАЯ ОБЛ.)
01.30 Х/Ф «УЗНИК ЗАМКА ИФ» (16+)
ТНТ
5.45 «САША + МАША» (16+)
6.00 Т/С «ПОСЛЕДНИЙ КОРАБЛЬ» (16+)
7.00 ТНТ. MIX (16+)
9.00 АГЕНТЫ 003 (16+)
9.30 ДОМ-2. LITE (16+)
10.30 ДОМ-2. СВАДЬБА НА МИЛЛИОН (16+)
11.30 ШКОЛА РЕМОНТА (12+)
12.30 ЭКСТРАСЕНСЫ ВЕДУТ РАССЛЕДОВАНИЕ (16+)
13.30 БИТВА ЭКСТРАСЕНСОВ (16+)
20.00 Х/Ф «ДРАКУЛА» (16+)
21.50 ОДНАЖДЫ В РОССИИ (16+)
23.00 ДОМ-2. ГОРОД ЛЮБВИ (16+)
00.00 ДОМ-2. ПОСЛЕ ЗАКАТА (16+)
01.00 ЭДДИ МЭРФИ, РЭНДИ КУЭЙД, РОЗАРИО ДОУСОН В КОМЕДИЙНОМ БОЕВИКЕ «ПРИКЛЮЧЕНИЯ ПЛУТО НЭША» (12+)
02.55 МУЛЬТФИЛЬМ (12+)
04.55 Т/С «ЗАЛОЖНИКИ» (16+)
4
6.00 М/С «СМЕШАРИКИ» (12+)
7.00 Д/Ф «ГОРОД-ПОДВАЛ» (12+)
7.20 «36,6» (16+)
7.40 Д/Ф «СИМВОЛ ЧЕХИИ» (12+)
8.00 М/С «СМЕШАРИКИ» (12+)
8.30 ШКОЛА ДОКТОРА КОМАРОВСКОГО (16+)
9.00 ОРЕЛ И РЕШКА (16+)
12.00 ЕДА, Я ЛЮБЛЮ ТЕБЯ! (16+)
13.00 Х/Ф «ЛЮБОВЬ В БОЛЬШОМ ГОРОДЕ» (16+)
14.45 Х/Ф «ЛЮБОВЬ В БОЛЬШОМ ГОРОДЕ - 2» (16+)
16.40 Х/Ф «ЛЮБОВЬ В БОЛЬШОМ ГОРОДЕ - 3» (16+)
18.30 Х/Ф «ПРИВЫЧКА РАССТАВАТЬСЯ» (16+)
20.30 АФЕРИСТЫ В СЕТЯХ (16+)
22.00 «НОВОСТИ «ЧЕТВЕРТОГО КАНАЛА» (16+)
22.30 «ЗДРАВСТВУЙТЕ, ДОКТОР!» (16+)
23.30 Х/Ф «ДУХЛЕСС» (16+)
01.40 Х/Ф «ДУБРОВСКИЙ» (16+)
04.10 СВЕРХЪЕСТЕСТВЕННЫЕ (16+)
Рен
7.00 Х/Ф «ТЕМНЫЙ РЫЦАРЬ» (16+)
9.55 МИНТРАНС (16+)
10.40 РЕМОНТ ПО-ЧЕСТНОМУ (16+)
11.25 САМАЯ ПОЛЕЗНАЯ ПРОГРАММА (16+)
12.25 ВОЕННАЯ ТАЙНА (16+)
12.30 НОВОСТИ (16+)
12.35 ВОЕННАЯ ТАЙНА (16+)
16.30 НОВОСТИ (16+)
16.35 ВОЕННАЯ ТАЙНА (16+)
17.00 ТЕРРИТОРИЯ ЗАБЛУЖДЕНИЙ (16+)
19.00 СИЛЬВЕСТР СТАЛЛОНЕ, ДЖЕЙСОН СТЭТХЕМ, ДЖЕТ ЛИ, ДОЛЬФ ЛУНДГРЕН, МИККИ РУРК, БРЮС УИЛЛИС, АРНОЛЬД ШВАРЦЕНЕГГЕР В БОЕВИКЕ «НЕУДЕРЖИМЫЕ» (16+)
20.50 Х/Ф «НЕУДЕРЖИМЫЕ - 2» (16+)
22.50 Х/Ф «НЕУДЕРЖИМЫЕ - 3» (16+)
01.10 Х/Ф «ИРЛАНДЕЦ» (16+)
03.00 ТЕРРИТОРИЯ ЗАБЛУЖДЕНИЙ (16+)
СТС
5.25 ЕРАЛАШ
5.50 МУЗЫКА НА СТС (16+)
6.00 ЕРАЛАШ
6.30 М/Ф «ОЛЛИ И СОКРОВИЩА ПИРАТОВ»
8.00 МУЛЬТФИЛЬМЫ
9.30 УРАЛЬСКИЕ ПЕЛЬМЕНИ. ЛЮБИМОЕ (16+)
10.30 УСПЕТЬ ЗА 24 ЧАСА (16+)
11.30 МУЛЬТФИЛЬМЫ
12.25 М/Ф «ГНОМЕО И ДЖУЛЬЕТТА»
14.00 ФЭНТЕЗИ «ПАПЕ СНОВА 17» (16+)
16.00 ГЛАВНЫЕ НОВОСТИ (16+)
16.30 УРАЛЬСКИЕ ПЕЛЬМЕНИ. ЛЮБИМОЕ (16+)
16.55 Х/Ф «РЭД» (16+)
19.05 КОМЕДИЯ «БРЮС ВСЕМОГУЩИЙ» (12+)
21.00 Х/Ф «СОКРОВИЩЕ НАЦИИ» (12+)
23.30 Х/Ф «ALL INCLUSIVE, ИЛИ ВСЕ ВКЛЮЧЕНО» (16+)
01.25 Х/Ф «21 И БОЛЬШЕ» (16+)
03.10 ТРАГИКОМЕДИЯ «ДЖЕФФ, ЖИВУЩИЙ ДОМА» (18+)
04.45 БОЛЬШАЯ РАЗНИЦА (12+)
ТВ3
6.00 МУЛЬТФИЛЬМЫ
9.30 ШКОЛА ДОКТОРА КОМАРОВСКОГО (12+)
10.00 МУЛЬТФИЛЬМЫ
10.45 КРИСТЕН СТЮАРТ, КРИС ХЕМСВОРТ, ШАРЛИЗ ТЕРОН, РЭЙ УИНСТОН, ТОБИ ДЖОНС, ИЭН МАКШЕЙН, НИК ФРОСТ, СЭМ КЛАФЛИН, БОБ ХОСКИНС, ЛИЛИ КОУЛ, ЭДДИ МАРСЕН, ВИНСЕНТ РИГАН, ДЭЙВ ЛЕДЖЕНО, ДЖЕМИ БЛЭКЛИ В ФЭНТЕЗИ «БЕЛОСНЕЖКА И ОХОТНИК» (12+)
13.00 Т/С «ВОЛШЕБНИКИ» (12+)
00.30 Х/Ф «ШЕРЛОК ХОЛМС: ИГРА ТЕНЕЙ» (16+)
03.00 Х/Ф «ПОЛЯРНЫЙ ЭКСПРЕСС»
04.45 ТАЙНЫЕ ЗНАКИ: «СВЯЩЕННЫЙ ОБЕРЕГ ПЕТРА I» (12+)
Че
5.00 МИР В РАЗРЕЗЕ (12+)
6.00 «100 ВЕЛИКИХ» (16+)
7.15 МУЛЬТФИЛЬМЫ
9.15 Х/Ф «4 МУШКЕТЕРА ШАРЛО»
11.30 Х/Ф «ВТОРОЙ РАУНД. ЧЕТВЕРО ПРОТИВ КАРДИНАЛА» (12+)
13.30 КВН НА БИС (16+)
14.30 Х/Ф «ВИРТУОЗНОСТЬ» (16+)
16.35 ЭЙСА БАТТЕРФИЛД, ХАРРИСОН ФОРД, БЕН КИНГСЛИ, ВИОЛА ДЭВИС, ХЕЙЛИ СТАЙНФЕЛД, ЭБИГЕЙЛ БРЕСЛИН В БОЕВИКЕ «ИГРА ЭНДЕРА» (12+)
18.45 Х/Ф «ПОТРОШИТЕЛИ» (18+)
21.00 КВН НА БИС (16+)
23.00 Х/Ф «ОБИТЕЛЬ ЗЛА» (18+)
00.55 ГОЛЫЕ ПРИКОЛЫ (18+)
01.50 Х/Ф «ОБИТЕЛЬ ЗЛА - 3» (18+)
03.35 Х/Ф «АМЕЛИ С МОНМАРТРА» (16+)
Звезда
6.00 Х/Ф «ПОГРАНИЧНЫЙ ПЕС АЛЫЙ»
7.20 Х/Ф «ВОСКРЕСНЫЙ ПАПА» (6+)
9.00 НОВОСТИ ДНЯ
9.15 ЛЕГЕНДЫ ЦИРКА (6+)
9.40 ПОСЛЕДНИЙ ДЕНЬ (12+)
10.30 НЕ ФАКТ! (6+)
11.00 Д/С «ЗАГАДКИ ВЕКА» (12+)
11.50 УЛИКИ ИЗ ПРОШЛОГО (16+)
12.35 ТЕОРИЯ ЗАГОВОРА (12+)
13.00 НОВОСТИ ДНЯ
13.15 Д/С «СЕКРЕТНАЯ ПАПКА» (12+)
14.00 Х/Ф «РАЗНЫЕ СУДЬБЫ»
16.20 Т/С «ВОЙНА НА ЗАПАДНОМ НАПРАВЛЕНИИ» (12+)
18.00 НОВОСТИ ДНЯ
18.10 ЗАДЕЛО!
18.25 Т/С «ВОЙНА НА ЗАПАДНОМ НАПРАВЛЕНИИ» (12+) (В 22.00 НОВОСТИ ДНЯ)
02.20 Х/Ф «ПОДВИГ ОДЕССЫ» (6+)
5
5.35 Т/С «ДЕТЕКТИВЫ» (16+)
6.20 МУЛЬТФИЛЬМЫ
9.35 ДЕНЬ АНГЕЛА
10.00 СЕЙЧАС
10.10 Т/С «СЛЕД» (16+)
11.00 Т/С «СЛЕД» (16+)
12.40 Т/С «СЛЕД» (16+)
13.30 Т/С «СЛЕД» (16+)
15.05 Т/С «СЛЕД» (16+)
16.00 Т/С «СЛЕД» (16+)
16.50 Т/С «СЛЕД» (16+)
17.40 Т/С «СЛЕД» (16+)
18.30 СЕЙЧАС
19.00 Т/С «КОРДОН СЛЕДОВАТЕЛЯ САВЕЛЬЕВА» (16+)
03.10 Т/С «ОПЕРА. ХРОНИКИ УБОЙНОГО ОТДЕЛА»
